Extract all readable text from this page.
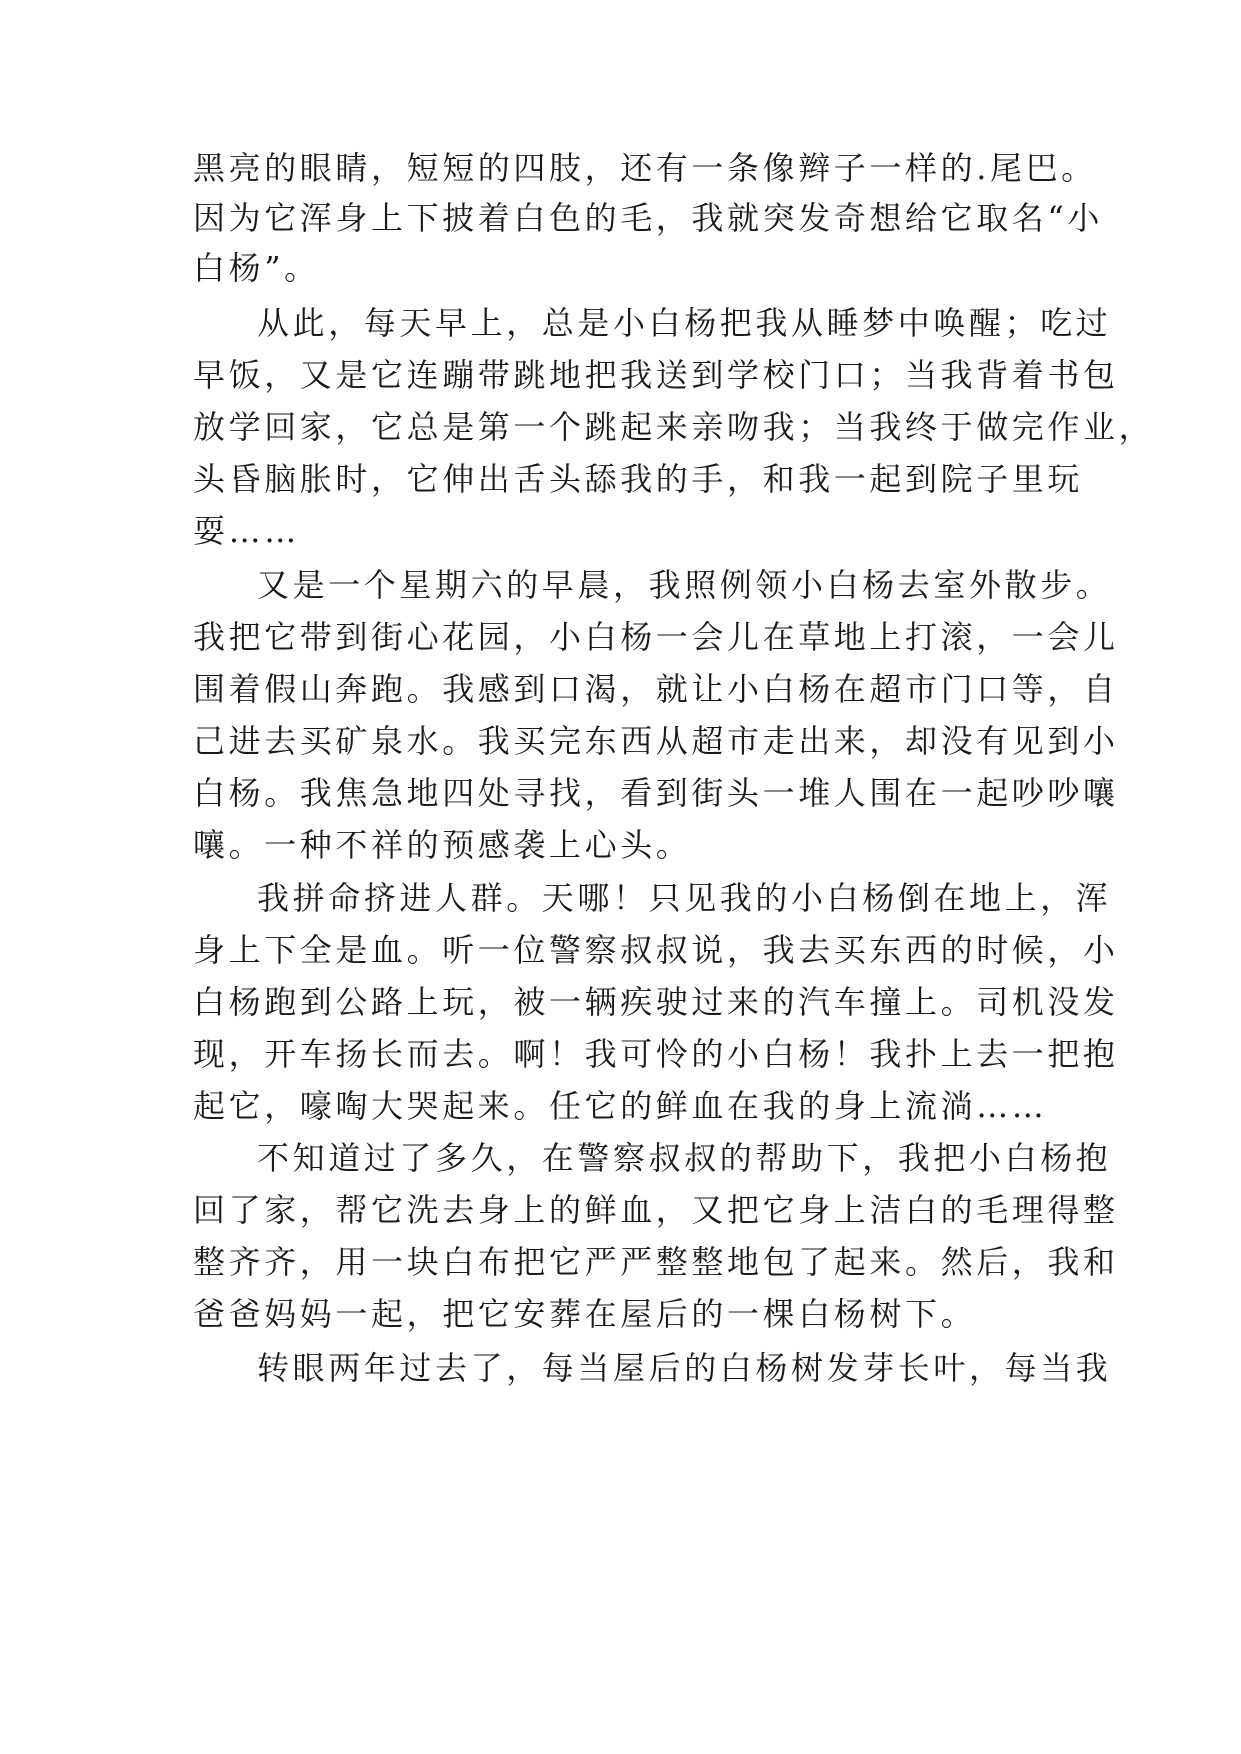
黑亮的眼睛，短短的四肢，还有一条像辫子一样的.尾巴。
因为它浑身上下披着白色的毛，我就突发奇想给它取名“小
白杨”。
从此，每天早上，总是小白杨把我从睡梦中唤醒；吃过
早饭，又是它连蹦带跳地把我送到学校门口；当我背着书包
放学回家，它总是第一个跳起来亲吻我；当我终于做完作业，
头昏脑胀时，它伸出舌头舔我的手，和我一起到院子里玩
耍……
又是一个星期六的早晨，我照例领小白杨去室外散步。
我把它带到街心花园，小白杨一会儿在草地上打滚，一会儿
围着假山奔跑。我感到口渴，就让小白杨在超市门口等，自
己进去买矿泉水。我买完东西从超市走出来，却没有见到小
白杨。我焦急地四处寻找，看到街头一堆人围在一起吵吵嚷
嚷。一种不祥的预感袭上心头。
我拼命挤进人群。天哪！只见我的小白杨倒在地上，浑
身上下全是血。听一位警察叔叔说，我去买东西的时候，小
白杨跑到公路上玩，被一辆疾驶过来的汽车撞上。司机没发
现，开车扬长而去。啊！我可怜的小白杨！我扑上去一把抱
起它，嚎啕大哭起来。任它的鲜血在我的身上流淌……
不知道过了多久，在警察叔叔的帮助下，我把小白杨抱
回了家，帮它洗去身上的鲜血，又把它身上洁白的毛理得整
整齐齐，用一块白布把它严严整整地包了起来。然后，我和
爸爸妈妈一起，把它安葬在屋后的一棵白杨树下。
转眼两年过去了，每当屋后的白杨树发芽长叶，每当我
